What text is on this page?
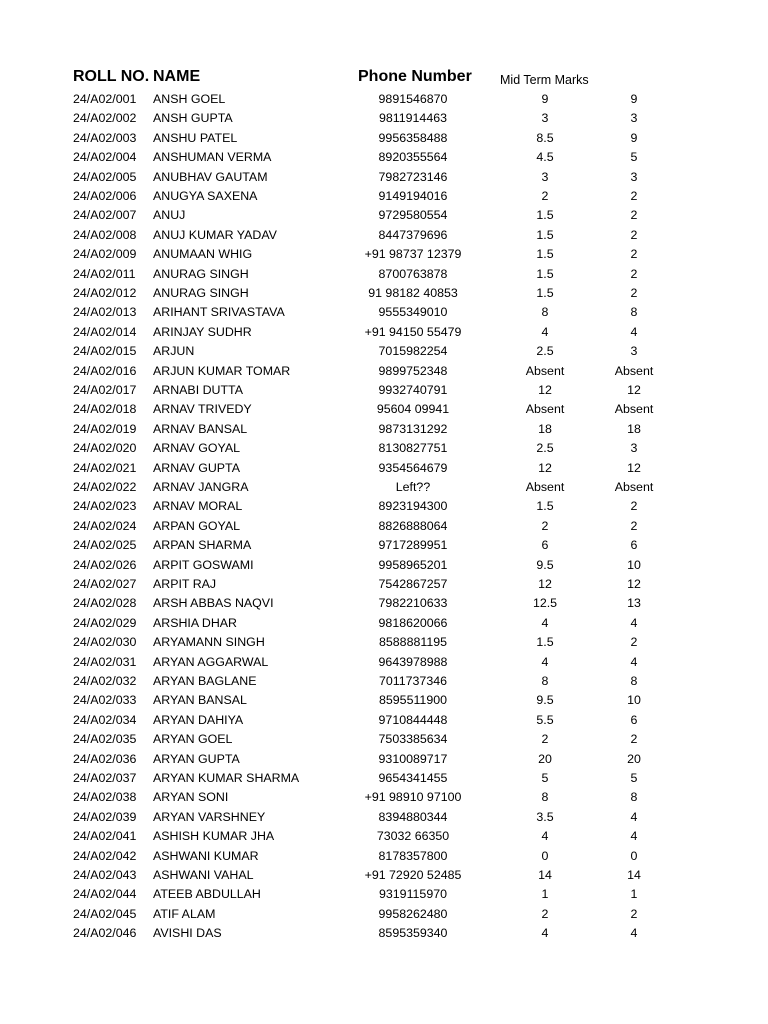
ROLL NO. NAME	Phone Number Mid Term Marks
24/A02/001 ANSH GOEL	9891546870	9	9
24/A02/002 ANSH GUPTA	9811914463	3	3
24/A02/003 ANSHU PATEL	9956358488	8.5	9
24/A02/004 ANSHUMAN VERMA	8920355564	4.5	5
24/A02/005 ANUBHAV GAUTAM	7982723146	3	3
24/A02/006 ANUGYA SAXENA	9149194016	2	2
24/A02/007 ANUJ	9729580554	1.5	2
24/A02/008 ANUJ KUMAR YADAV	8447379696	1.5	2
24/A02/009 ANUMAAN WHIG	+91 98737 12379	1.5	2
24/A02/011 ANURAG SINGH	8700763878	1.5	2
24/A02/012 ANURAG SINGH	91 98182 40853	1.5	2
24/A02/013 ARIHANT SRIVASTAVA	9555349010	8	8
24/A02/014 ARINJAY SUDHR	+91 94150 55479	4	4
24/A02/015 ARJUN	7015982254	2.5	3
24/A02/016 ARJUN KUMAR TOMAR	9899752348	Absent	Absent
24/A02/017 ARNABI DUTTA	9932740791	12	12
24/A02/018 ARNAV TRIVEDY	95604 09941	Absent	Absent
24/A02/019 ARNAV BANSAL	9873131292	18	18
24/A02/020 ARNAV GOYAL	8130827751	2.5	3
24/A02/021 ARNAV GUPTA	9354564679	12	12
24/A02/022 ARNAV JANGRA	Left??	Absent	Absent
24/A02/023 ARNAV MORAL	8923194300	1.5	2
24/A02/024 ARPAN GOYAL	8826888064	2	2
24/A02/025 ARPAN SHARMA	9717289951	6	6
24/A02/026 ARPIT GOSWAMI	9958965201	9.5	10
24/A02/027 ARPIT RAJ	7542867257	12	12
24/A02/028 ARSH ABBAS NAQVI	7982210633	12.5	13
24/A02/029 ARSHIA DHAR	9818620066	4	4
24/A02/030 ARYAMANN SINGH	8588881195	1.5	2
24/A02/031 ARYAN AGGARWAL	9643978988	4	4
24/A02/032 ARYAN BAGLANE	7011737346	8	8
24/A02/033 ARYAN BANSAL	8595511900	9.5	10
24/A02/034 ARYAN DAHIYA	9710844448	5.5	6
24/A02/035 ARYAN GOEL	7503385634	2	2
24/A02/036 ARYAN GUPTA	9310089717	20	20
24/A02/037 ARYAN KUMAR SHARMA	9654341455	5	5
24/A02/038 ARYAN SONI	+91 98910 97100	8	8
24/A02/039 ARYAN VARSHNEY	8394880344	3.5	4
24/A02/041 ASHISH KUMAR JHA	73032 66350	4	4
24/A02/042 ASHWANI KUMAR	8178357800	0	0
24/A02/043 ASHWANI VAHAL	+91 72920 52485	14	14
24/A02/044 ATEEB ABDULLAH	9319115970	1	1
24/A02/045 ATIF ALAM	9958262480	2	2
24/A02/046 AVISHI DAS	8595359340	4	4
